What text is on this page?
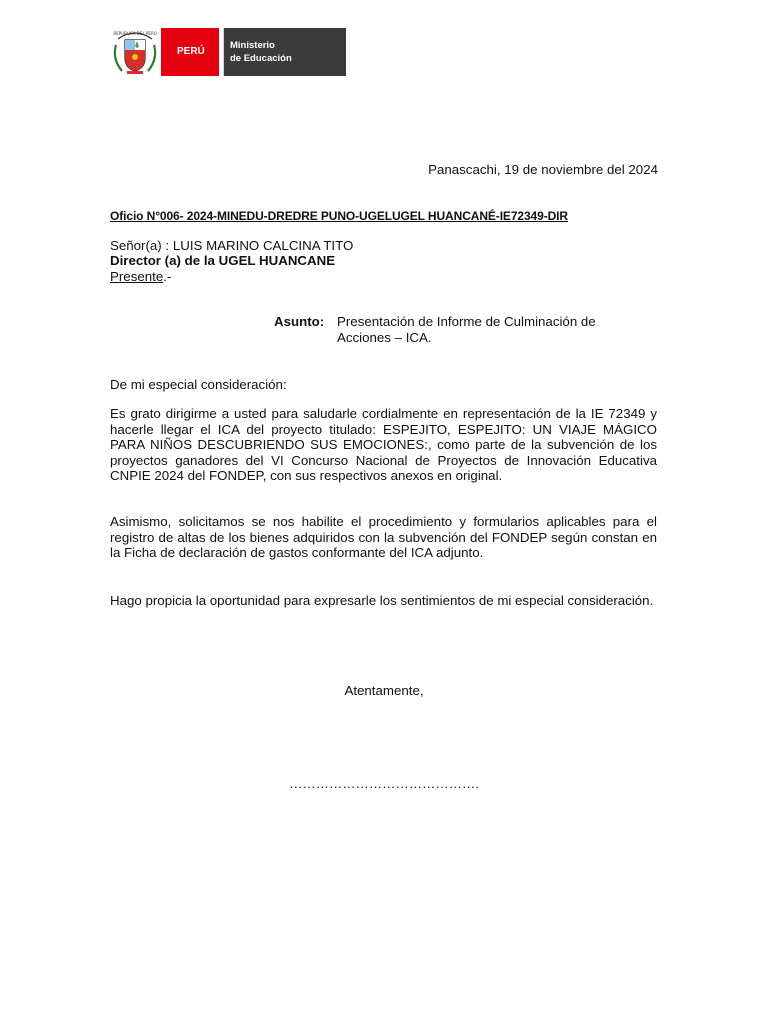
REPÚBLICA DEL PERÚ
PERÚ
Ministerio
de Educación
Panascachi, 19 de noviembre del 2024
Oficio N°006- 2024-MINEDU-DREDRE PUNO-UGELUGEL HUANCANÉ-IE72349-DIR
Señor(a) : LUIS MARINO CALCINA TITO
Director (a) de la UGEL HUANCANE
Presente.-
Asunto: Presentación de Informe de Culminación de
Acciones – ICA.

De mi especial consideración:

Es grato dirigirme a usted para saludarle cordialmente en representación de la IE 72349 y hacerle llegar el ICA del proyecto titulado: ESPEJITO, ESPEJITO: UN VIAJE MÁGICO PARA NIÑOS DESCUBRIENDO SUS EMOCIONES:, como parte de la subvención de los proyectos ganadores del VI Concurso Nacional de Proyectos de Innovación Educativa CNPIE 2024 del FONDEP, con sus respectivos anexos en original.

Asimismo, solicitamos se nos habilite el procedimiento y formularios aplicables para el registro de altas de los bienes adquiridos con la subvención del FONDEP según constan en la Ficha de declaración de gastos conformante del ICA adjunto.

Hago propicia la oportunidad para expresarle los sentimientos de mi especial consideración.

Atentamente,
…………………………………….
